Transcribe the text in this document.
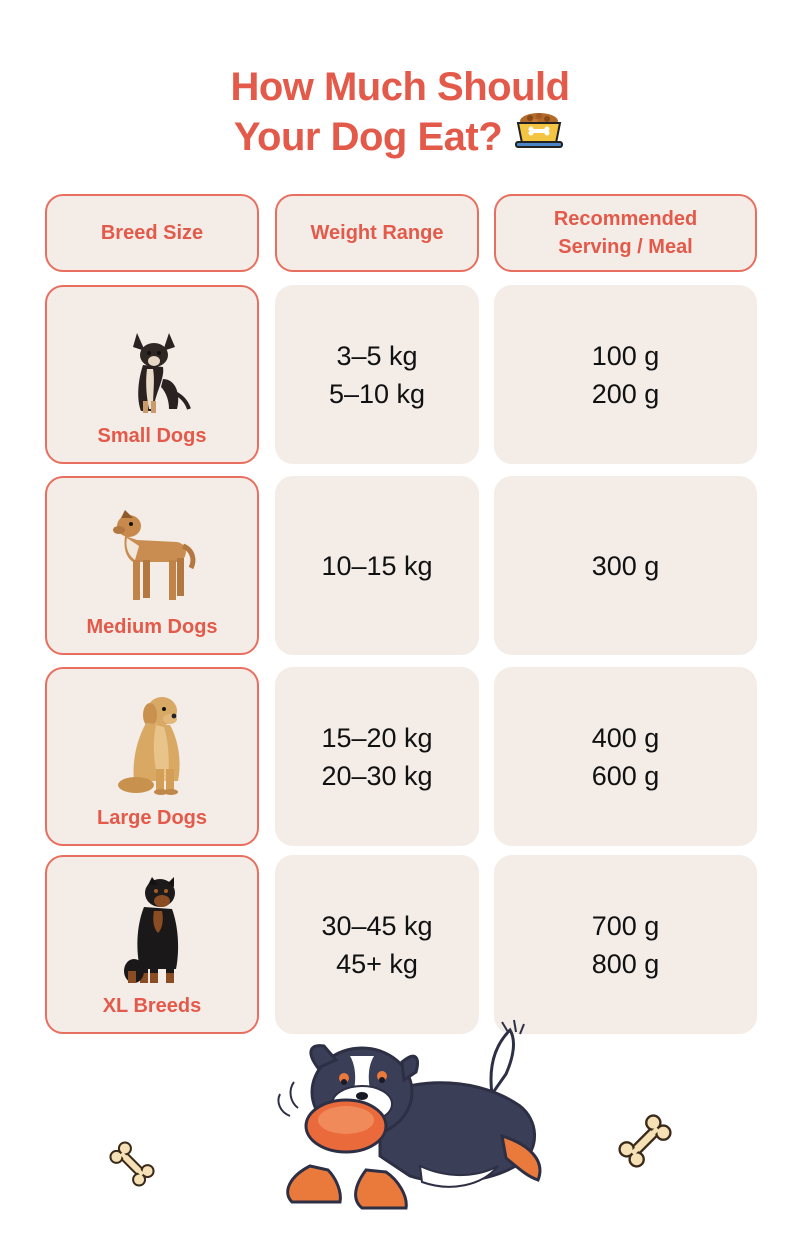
How Much Should
Your Dog Eat?
Breed Size	Weight Range
Recommended
Serving / Meal
Small Dogs
3–5 kg
5–10 kg
100 g
200 g
Medium Dogs
10–15 kg	300 g
Large Dogs
15–20 kg
20–30 kg
400 g
600 g
XL Breeds
30–45 kg
45+ kg
700 g
800 g
